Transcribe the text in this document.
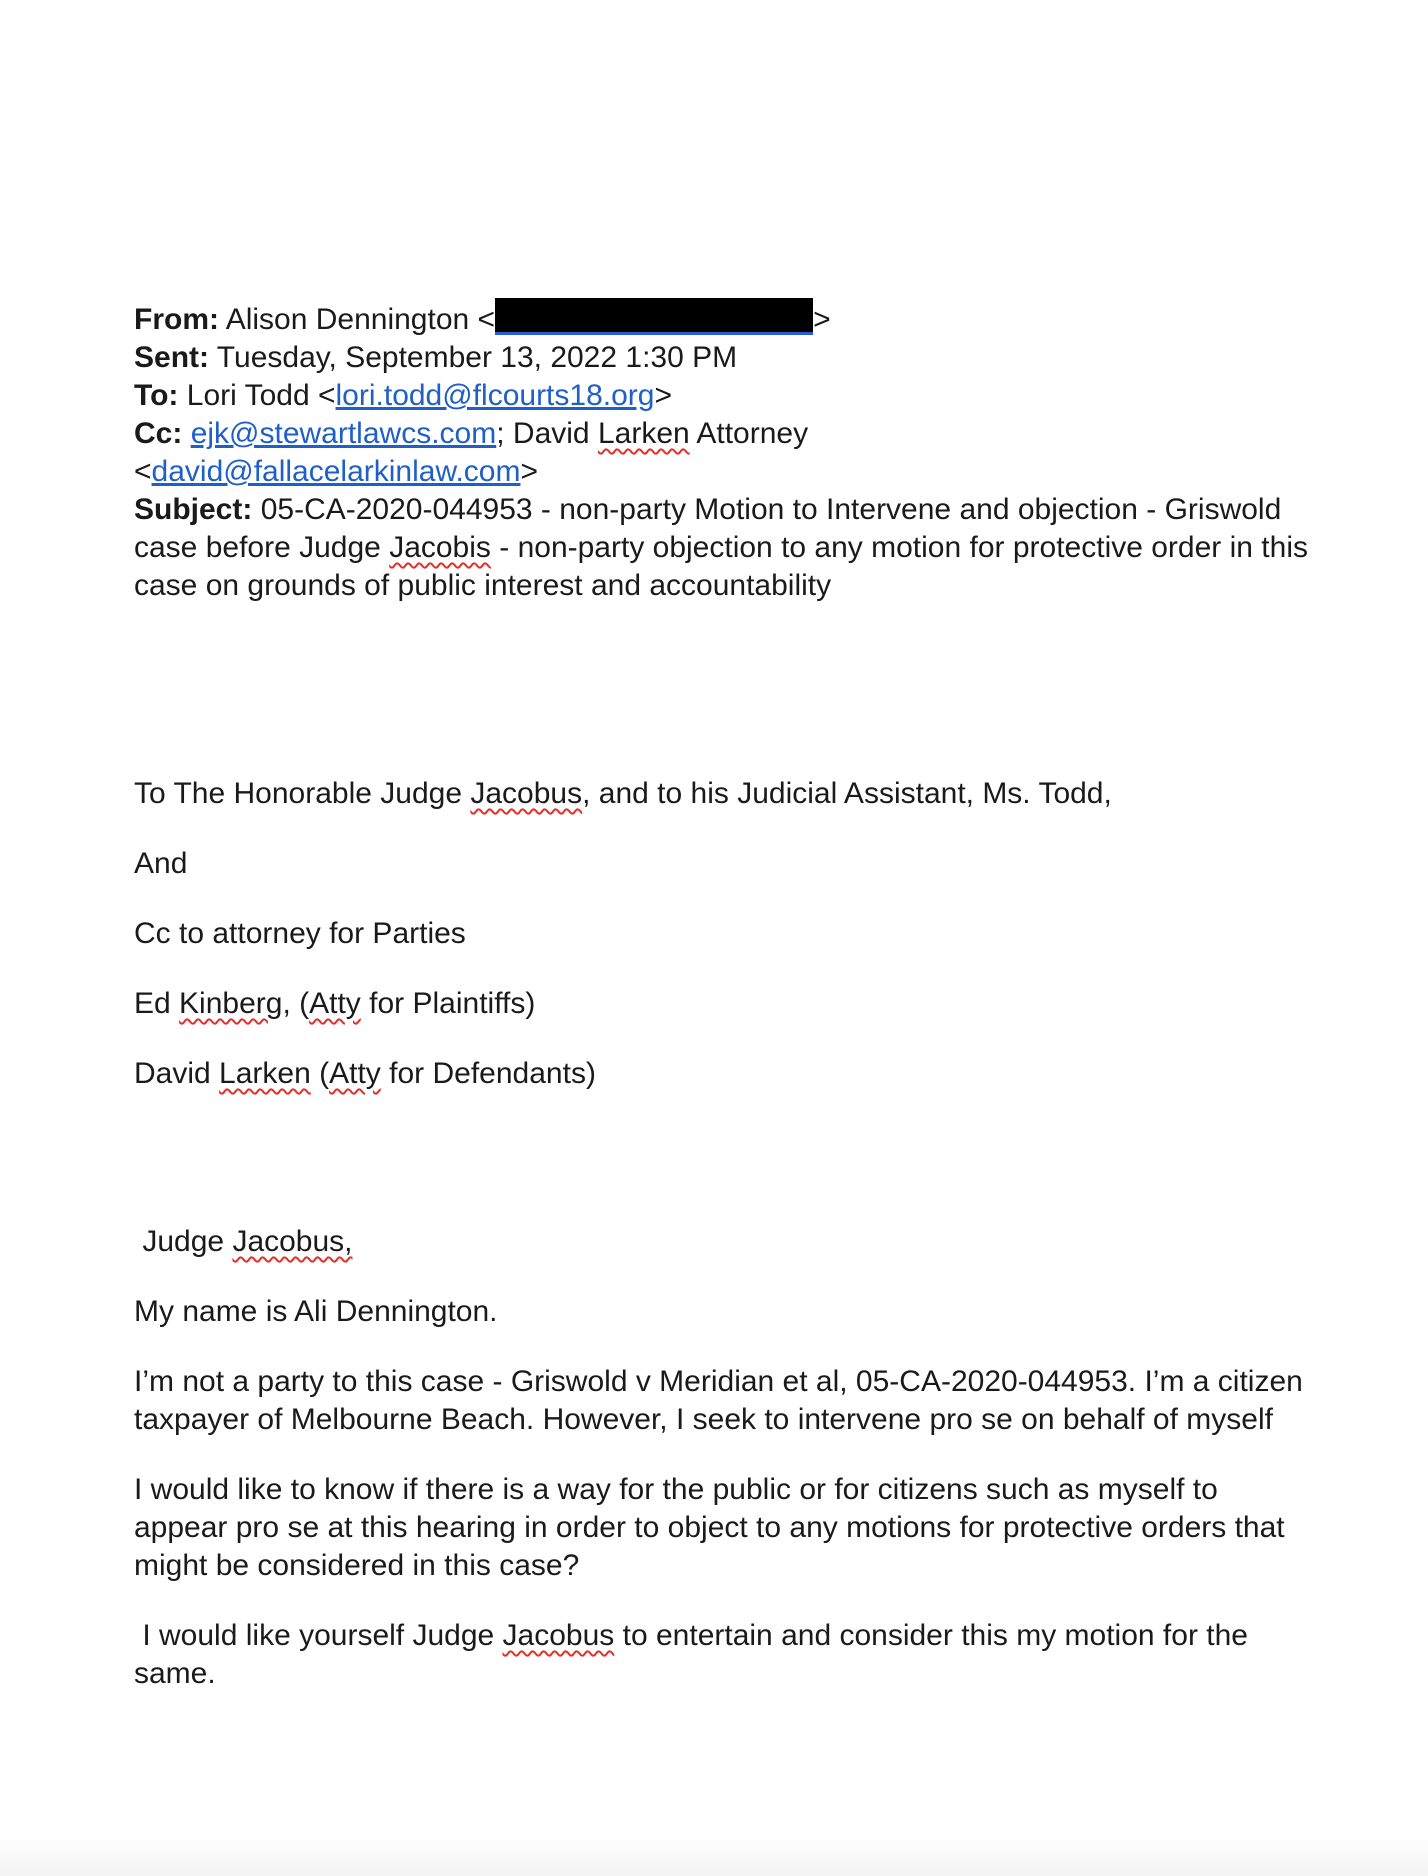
From: Alison Dennington <	>
Sent: Tuesday, September 13, 2022 1:30 PM
To: Lori Todd <lori.todd@flcourts18.org>
Cc: ejk@stewartlawcs.com; David Larken Attorney
<david@fallacelarkinlaw.com>
Subject: 05-CA-2020-044953 - non-party Motion to Intervene and objection - Griswold case before Judge Jacobis - non-party objection to any motion for protective order in this case on grounds of public interest and accountability

To The Honorable Judge Jacobus, and to his Judicial Assistant, Ms. Todd,

And

Cc to attorney for Parties

Ed Kinberg, (Atty for Plaintiffs)

David Larken (Atty for Defendants)

Judge Jacobus,

My name is Ali Dennington.

I’m not a party to this case - Griswold v Meridian et al, 05-CA-2020-044953. I’m a citizen taxpayer of Melbourne Beach. However, I seek to intervene pro se on behalf of myself

I would like to know if there is a way for the public or for citizens such as myself to appear pro se at this hearing in order to object to any motions for protective orders that might be considered in this case?

I would like yourself Judge Jacobus to entertain and consider this my motion for the same.
